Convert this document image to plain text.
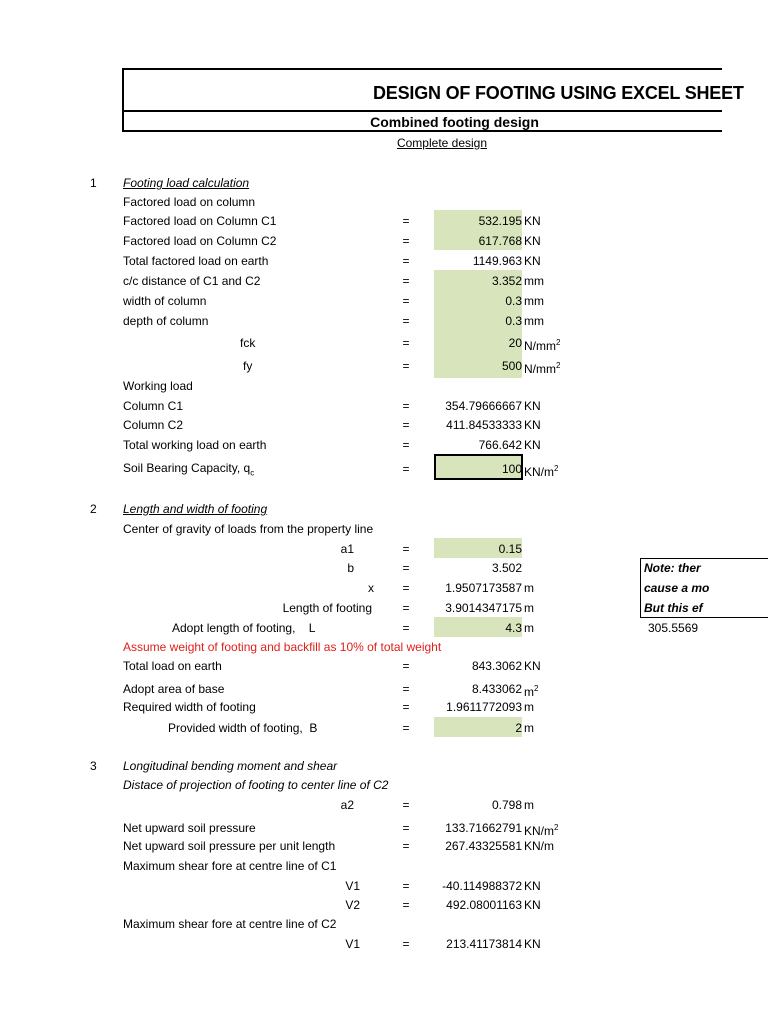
DESIGN OF FOOTING USING EXCEL SHEET
Combined footing design
Complete design
1	Footing load calculation
Factored load on column
Factored load on Column C1	=	532.195 KN
Factored load on Column C2	=	617.768 KN
Total factored load on earth	=	1149.963 KN
c/c distance of C1 and C2	=	3.352 mm
width of column	=	0.3 mm
depth of column	=	0.3 mm
fck	=	20 $N/mm^2$
fy	=	500 $N/mm^2$
Working load
Column C1	=	354.79666667 KN
Column C2	=	411.84533333 KN
Total working load on earth	=	766.642 KN
Soil Bearing Capacity, $q_c$	=	100 $KN/m^2$
2	Length and width of footing
Center of gravity of loads from the property line
a1	=	0.15
b	=	3.502
x =	1.9507173587 m
Length of footing	=	3.9014347175 m
Adopt length of footing,    L	=	4.3 m
Assume weight of footing and backfill as 10% of total weight
Total load on earth	=	843.3062 KN
Adopt area of base	=	8.433062 $m^2$
Required width of footing	=	1.9611772093 m
Provided width of footing,  B	=	2 m
Note: ther
cause a mo
But this ef
305.5569
3	Longitudinal bending moment and shear
Distace of projection of footing to center line of C2
a2	=	0.798 m
Net upward soil pressure	=	133.71662791 $KN/m^2$
Net upward soil pressure per unit length	=	267.43325581 KN/m
Maximum shear fore at centre line of C1
V1	=	-40.114988372 KN
V2	=	492.08001163 KN
Maximum shear fore at centre line of C2
V1	=	213.41173814 KN
